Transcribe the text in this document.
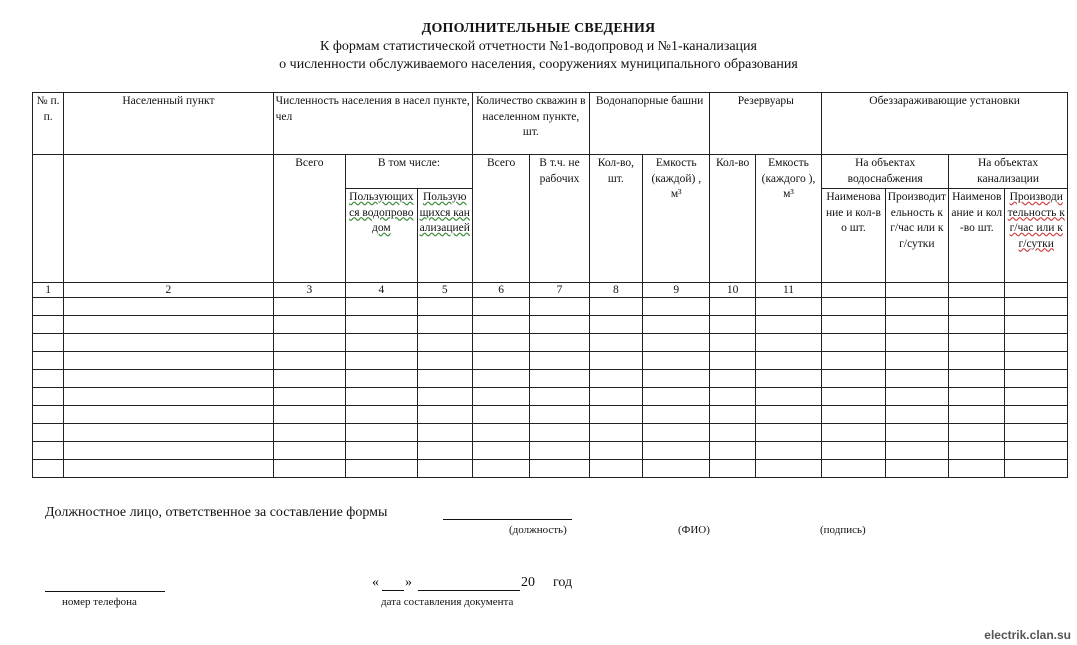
ДОПОЛНИТЕЛЬНЫЕ СВЕДЕНИЯ
К формам статистической отчетности №1-водопровод и №1-канализация
о численности обслуживаемого населения, сооружениях муниципального образования
№ п. п.	Населенный пункт	Численность населения в насел пункте, чел			Количество скважин в населенном пункте, шт.		Водонапорные башни		Резервуары		Обеззараживающие установки			
		Всего	В том числе:		Всего	В т.ч. не рабочих	Кол-во, шт.	Емкость (каждой) , м³	Кол-во	Емкость (каждого ), м³	На объектах водоснабжения		На объектах канализации	
			Пользующихся водопроводом	Пользующихся канализацией							Наименование и кол-во шт.	Производительность кг/час или кг/сутки	Наименование и кол-во шт.	Производительность кг/час или кг/сутки
1	2	3	4	5	6	7	8	9	10	11				

Должностное лицо, ответственное за составление формы
(должность)	(ФИО)	(подпись)
номер телефона
« »	20 год
дата составления документа
electrik.clan.su
